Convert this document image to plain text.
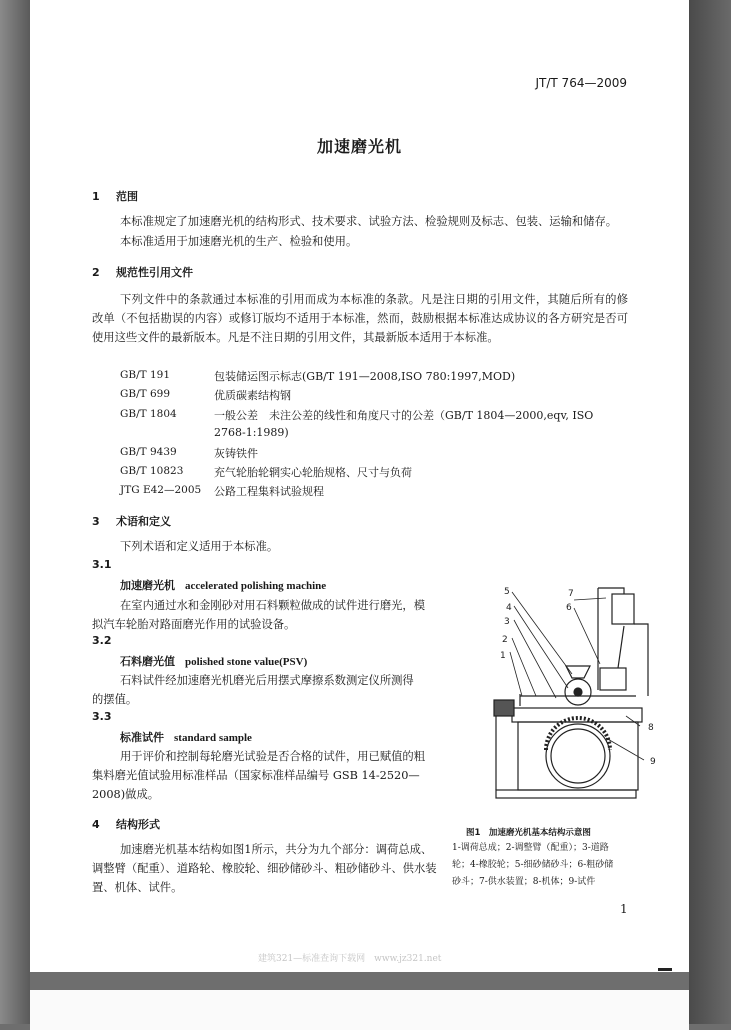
JT/T 764—2009
加速磨光机
1 范围
本标准规定了加速磨光机的结构形式、技术要求、试验方法、检验规则及标志、包装、运输和储存。
本标准适用于加速磨光机的生产、检验和使用。
2 规范性引用文件
下列文件中的条款通过本标准的引用而成为本标准的条款。凡是注日期的引用文件，其随后所有的修改单（不包括勘误的内容）或修订版均不适用于本标准，然而，鼓励根据本标准达成协议的各方研究是否可使用这些文件的最新版本。凡是不注日期的引用文件，其最新版本适用于本标准。
GB/T 191	包装储运图示标志(GB/T 191—2008,ISO 780:1997,MOD)
GB/T 699	优质碳素结构钢
GB/T 1804	一般公差　未注公差的线性和角度尺寸的公差（GB/T 1804—2000,eqv, ISO
2768-1:1989)
GB/T 9439	灰铸铁件
GB/T 10823	充气轮胎轮辋实心轮胎规格、尺寸与负荷
JTG E42—2005 公路工程集料试验规程
3 术语和定义
下列术语和定义适用于本标准。
3.1
加速磨光机 accelerated polishing machine
在室内通过水和金刚砂对用石料颗粒做成的试件进行磨光，模
拟汽车轮胎对路面磨光作用的试验设备。
3.2
石料磨光值 polished stone value(PSV)
石料试件经加速磨光机磨光后用摆式摩擦系数测定仪所测得
的摆值。
3.3
标准试件 standard sample
用于评价和控制每轮磨光试验是否合格的试件，用已赋值的粗
集料磨光值试验用标准样品（国家标准样品编号 GSB 14-2520—
2008)做成。
4 结构形式
加速磨光机基本结构如图1所示，共分为九个部分：调荷总成、
调整臂（配重）、道路轮、橡胶轮、细砂储砂斗、粗砂储砂斗、供水装
置、机体、试件。
1
2
3
4
5
6
7
8
9
图1　加速磨光机基本结构示意图
1-调荷总成；2-调整臂（配重）；3-道路
轮；4-橡胶轮；5-细砂储砂斗；6-粗砂储
砂斗；7-供水装置；8-机体；9-试件
1
建筑321—标准查询下载网　www.jz321.net
